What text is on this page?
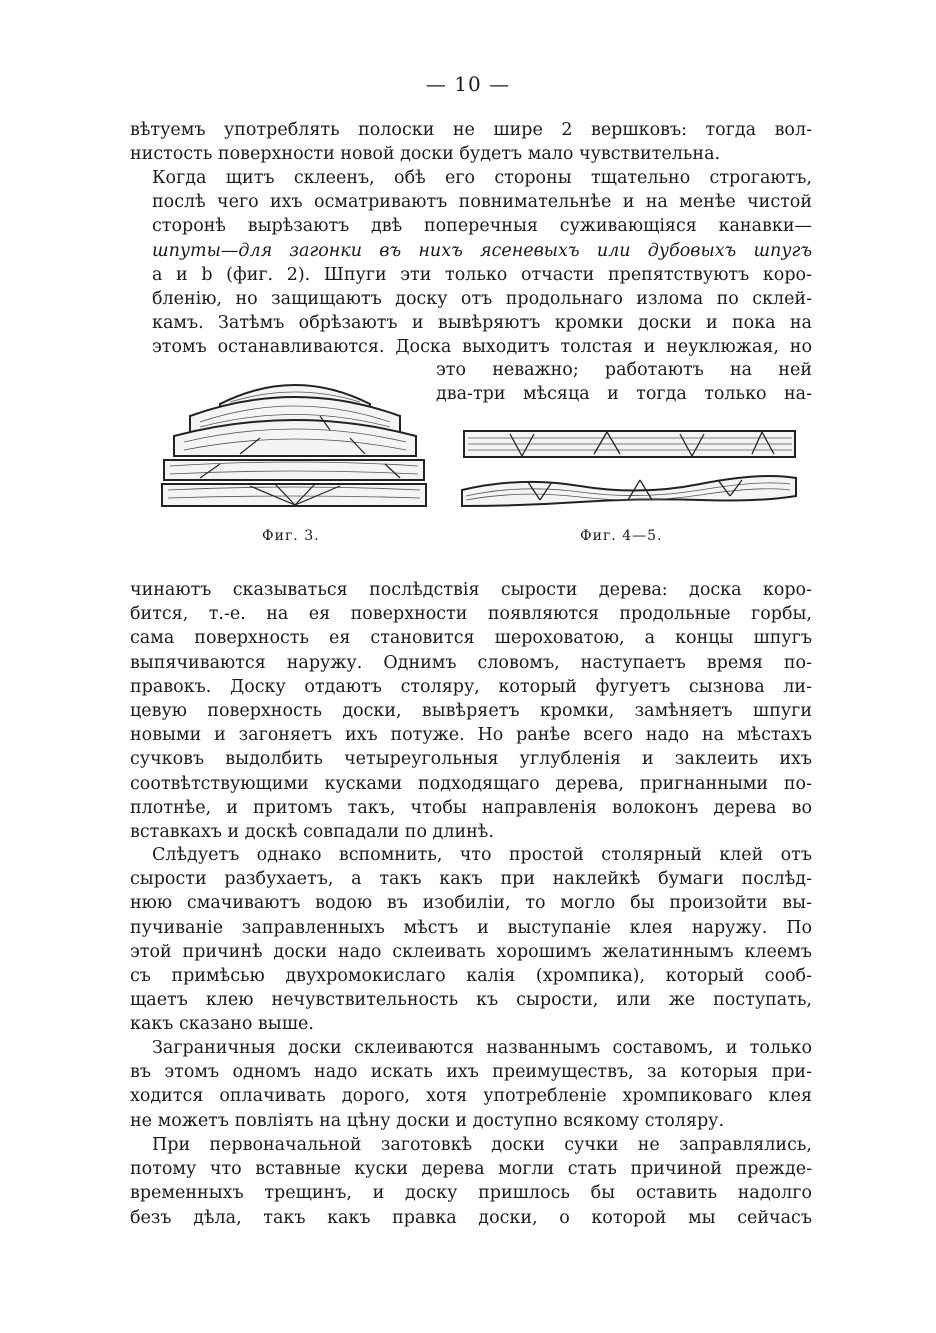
— 10 —
вѣтуемъ употреблять полоски не шире 2 вершковъ: тогда вол-
нистость поверхности новой доски будетъ мало чувствительна.
Когда щитъ склеенъ, обѣ его стороны тщательно строгаютъ,
послѣ чего ихъ осматриваютъ повнимательнѣе и на менѣе чистой
сторонѣ вырѣзаютъ двѣ поперечныя суживающiяся канавки—
шпуты—для загонки въ нихъ ясеневыхъ или дубовыхъ шпугъ
a и b (фиг. 2). Шпуги эти только отчасти препятствуютъ коро-
бленiю, но защищаютъ доску отъ продольнаго излома по склей-
камъ. Затѣмъ обрѣзаютъ и вывѣряютъ кромки доски и пока на
этомъ останавливаются. Доска выходитъ толстая и неуклюжая, но
это неважно; работаютъ на ней
два-три мѣсяца и тогда только на-
Фиг. 3.	Фиг. 4—5.
чинаютъ сказываться послѣдствiя сырости дерева: доска коро-
бится, т.-е. на ея поверхности появляются продольные горбы,
сама поверхность ея становится шероховатою, а концы шпугъ
выпячиваются наружу. Однимъ словомъ, наступаетъ время по-
правокъ. Доску отдаютъ столяру, который фугуетъ сызнова ли-
цевую поверхность доски, вывѣряетъ кромки, замѣняетъ шпуги
новыми и загоняетъ ихъ потуже. Но ранѣе всего надо на мѣстахъ
сучковъ выдолбить четыреугольныя углубленiя и заклеить ихъ
соотвѣтствующими кусками подходящаго дерева, пригнанными по-
плотнѣе, и притомъ такъ, чтобы направленiя волоконъ дерева во
вставкахъ и доскѣ совпадали по длинѣ.
Слѣдуетъ однако вспомнить, что простой столярный клей отъ
сырости разбухаетъ, а такъ какъ при наклейкѣ бумаги послѣд-
нюю смачиваютъ водою въ изобилiи, то могло бы произойти вы-
пучиванiе заправленныхъ мѣстъ и выступанiе клея наружу. По
этой причинѣ доски надо склеивать хорошимъ желатиннымъ клеемъ
съ примѣсью двухромокислаго калiя (хромпика), который сооб-
щаетъ клею нечувствительность къ сырости, или же поступать,
какъ сказано выше.
Заграничныя доски склеиваются названнымъ составомъ, и только
въ этомъ одномъ надо искать ихъ преимуществъ, за которыя при-
ходится оплачивать дорого, хотя употребленiе хромпиковаго клея
не можетъ повлiять на цѣну доски и доступно всякому столяру.
При первоначальной заготовкѣ доски сучки не заправлялись,
потому что вставные куски дерева могли стать причиной прежде-
временныхъ трещинъ, и доску пришлось бы оставить надолго
безъ дѣла, такъ какъ правка доски, о которой мы сейчасъ
